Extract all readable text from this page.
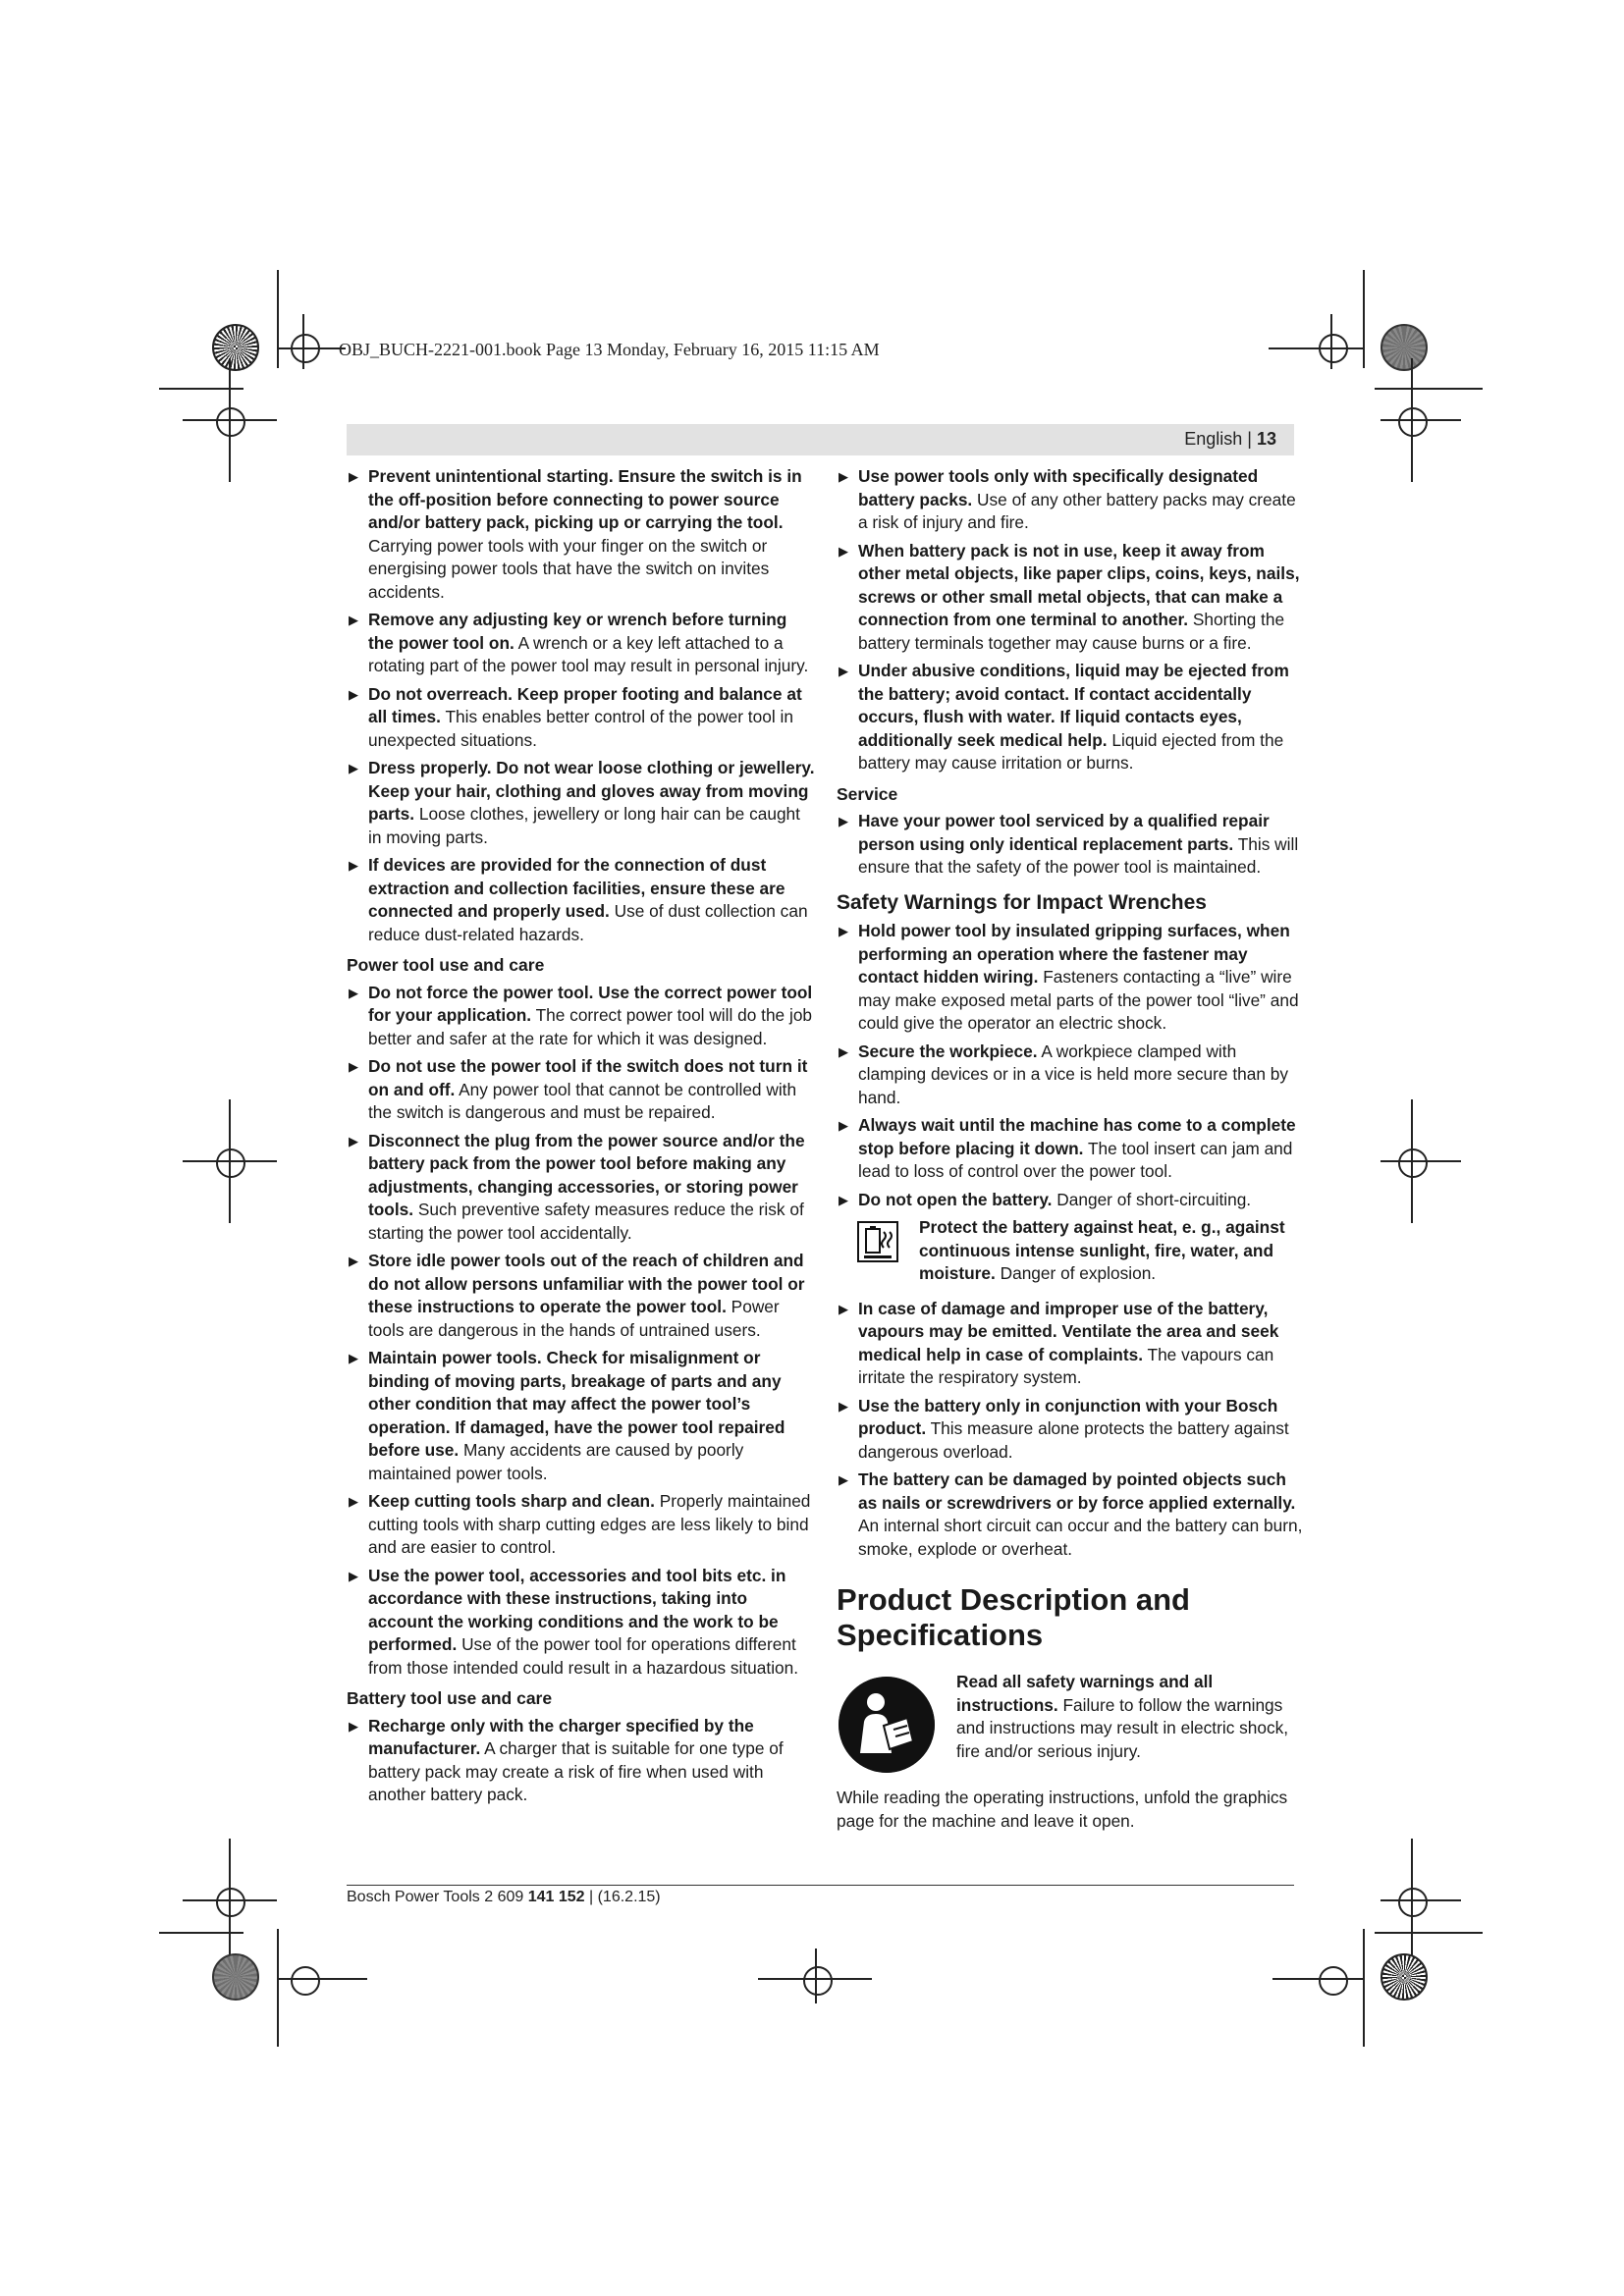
OBJ_BUCH-2221-001.book Page 13 Monday, February 16, 2015 11:15 AM
English | 13
▶ Prevent unintentional starting. Ensure the switch is in the off-position before connecting to power source and/or battery pack, picking up or carrying the tool. Carrying power tools with your finger on the switch or energising power tools that have the switch on invites accidents.
▶ Remove any adjusting key or wrench before turning the power tool on. A wrench or a key left attached to a rotating part of the power tool may result in personal injury.
▶ Do not overreach. Keep proper footing and balance at all times. This enables better control of the power tool in unexpected situations.
▶ Dress properly. Do not wear loose clothing or jewellery. Keep your hair, clothing and gloves away from moving parts. Loose clothes, jewellery or long hair can be caught in moving parts.
▶ If devices are provided for the connection of dust extraction and collection facilities, ensure these are connected and properly used. Use of dust collection can reduce dust-related hazards.
Power tool use and care
▶ Do not force the power tool. Use the correct power tool for your application. The correct power tool will do the job better and safer at the rate for which it was designed.
▶ Do not use the power tool if the switch does not turn it on and off. Any power tool that cannot be controlled with the switch is dangerous and must be repaired.
▶ Disconnect the plug from the power source and/or the battery pack from the power tool before making any adjustments, changing accessories, or storing power tools. Such preventive safety measures reduce the risk of starting the power tool accidentally.
▶ Store idle power tools out of the reach of children and do not allow persons unfamiliar with the power tool or these instructions to operate the power tool. Power tools are dangerous in the hands of untrained users.
▶ Maintain power tools. Check for misalignment or binding of moving parts, breakage of parts and any other condition that may affect the power tool’s operation. If damaged, have the power tool repaired before use. Many accidents are caused by poorly maintained power tools.
▶ Keep cutting tools sharp and clean. Properly maintained cutting tools with sharp cutting edges are less likely to bind and are easier to control.
▶ Use the power tool, accessories and tool bits etc. in accordance with these instructions, taking into account the working conditions and the work to be performed. Use of the power tool for operations different from those intended could result in a hazardous situation.
Battery tool use and care
▶ Recharge only with the charger specified by the manufacturer. A charger that is suitable for one type of battery pack may create a risk of fire when used with another battery pack.
▶ Use power tools only with specifically designated battery packs. Use of any other battery packs may create a risk of injury and fire.
▶ When battery pack is not in use, keep it away from other metal objects, like paper clips, coins, keys, nails, screws or other small metal objects, that can make a connection from one terminal to another. Shorting the battery terminals together may cause burns or a fire.
▶ Under abusive conditions, liquid may be ejected from the battery; avoid contact. If contact accidentally occurs, flush with water. If liquid contacts eyes, additionally seek medical help. Liquid ejected from the battery may cause irritation or burns.
Service
▶ Have your power tool serviced by a qualified repair person using only identical replacement parts. This will ensure that the safety of the power tool is maintained.
Safety Warnings for Impact Wrenches
▶ Hold power tool by insulated gripping surfaces, when performing an operation where the fastener may contact hidden wiring. Fasteners contacting a “live” wire may make exposed metal parts of the power tool “live” and could give the operator an electric shock.
▶ Secure the workpiece. A workpiece clamped with clamping devices or in a vice is held more secure than by hand.
▶ Always wait until the machine has come to a complete stop before placing it down. The tool insert can jam and lead to loss of control over the power tool.
▶ Do not open the battery. Danger of short-circuiting.
Protect the battery against heat, e. g., against continuous intense sunlight, fire, water, and moisture. Danger of explosion.
▶ In case of damage and improper use of the battery, vapours may be emitted. Ventilate the area and seek medical help in case of complaints. The vapours can irritate the respiratory system.
▶ Use the battery only in conjunction with your Bosch product. This measure alone protects the battery against dangerous overload.
▶ The battery can be damaged by pointed objects such as nails or screwdrivers or by force applied externally. An internal short circuit can occur and the battery can burn, smoke, explode or overheat.
Product Description and Specifications
Read all safety warnings and all instructions. Failure to follow the warnings and instructions may result in electric shock, fire and/or serious injury.
While reading the operating instructions, unfold the graphics page for the machine and leave it open.
Bosch Power Tools 2 609 141 152 | (16.2.15)
